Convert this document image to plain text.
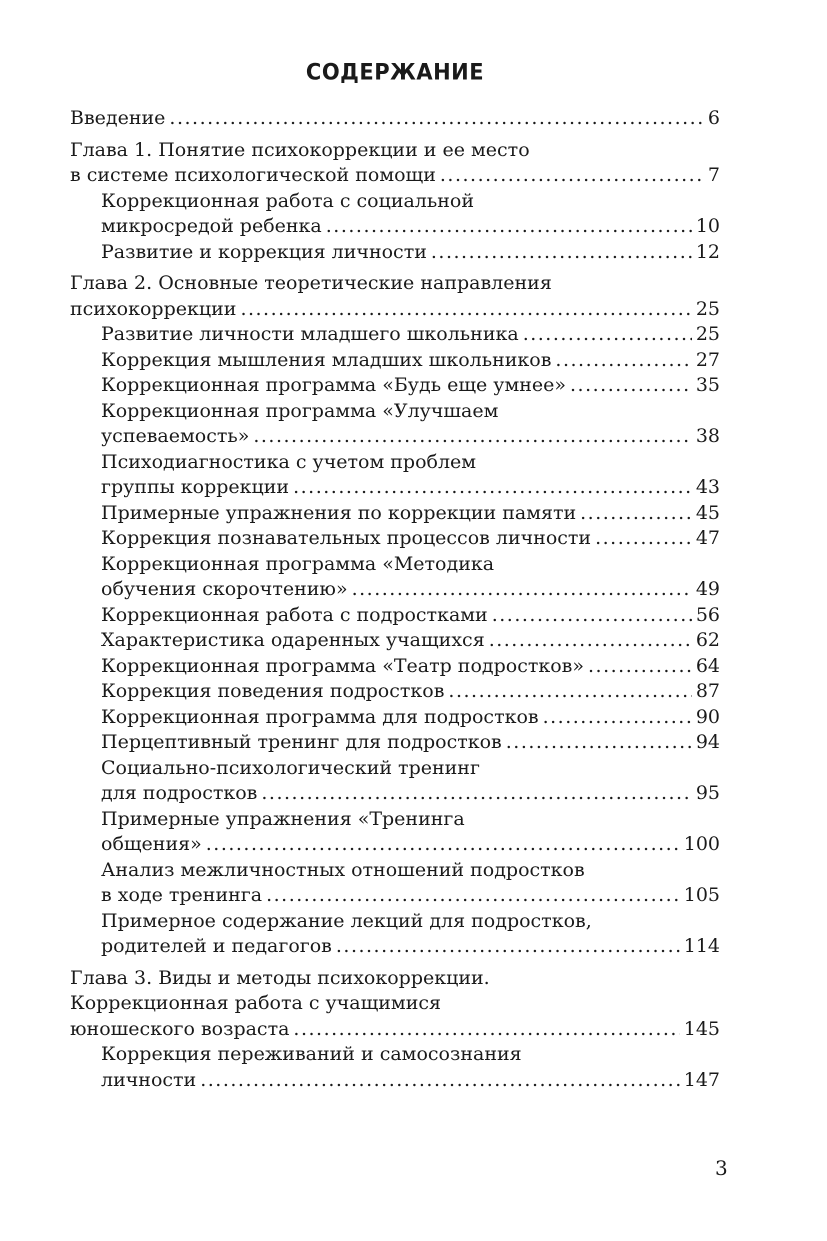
СОДЕРЖАНИЕ
Введение .....	6
Глава 1. Понятие психокоррекции и ее место
в системе психологической помощи .....	7
Коррекционная работа с социальной
микросредой ребенка .....	10
Развитие и коррекция личности .....	12
Глава 2. Основные теоретические направления
психокоррекции .....	25
Развитие личности младшего школьника .....	25
Коррекция мышления младших школьников .....	27
Коррекционная программа «Будь еще умнее» .....	35
Коррекционная программа «Улучшаем
успеваемость» .....	38
Психодиагностика с учетом проблем
группы коррекции .....	43
Примерные упражнения по коррекции памяти .....	45
Коррекция познавательных процессов личности .....	47
Коррекционная программа «Методика
обучения скорочтению» .....	49
Коррекционная работа с подростками .....	56
Характеристика одаренных учащихся .....	62
Коррекционная программа «Театр подростков» .....	64
Коррекция поведения подростков .....	87
Коррекционная программа для подростков .....	90
Перцептивный тренинг для подростков .....	94
Социально-психологический тренинг
для подростков .....	95
Примерные упражнения «Тренинга
общения» .....	100
Анализ межличностных отношений подростков
в ходе тренинга .....	105
Примерное содержание лекций для подростков,
родителей и педагогов .....	114
Глава 3. Виды и методы психокоррекции.
Коррекционная работа с учащимися
юношеского возраста .....	145
Коррекция переживаний и самосознания
личности .....	147
3
